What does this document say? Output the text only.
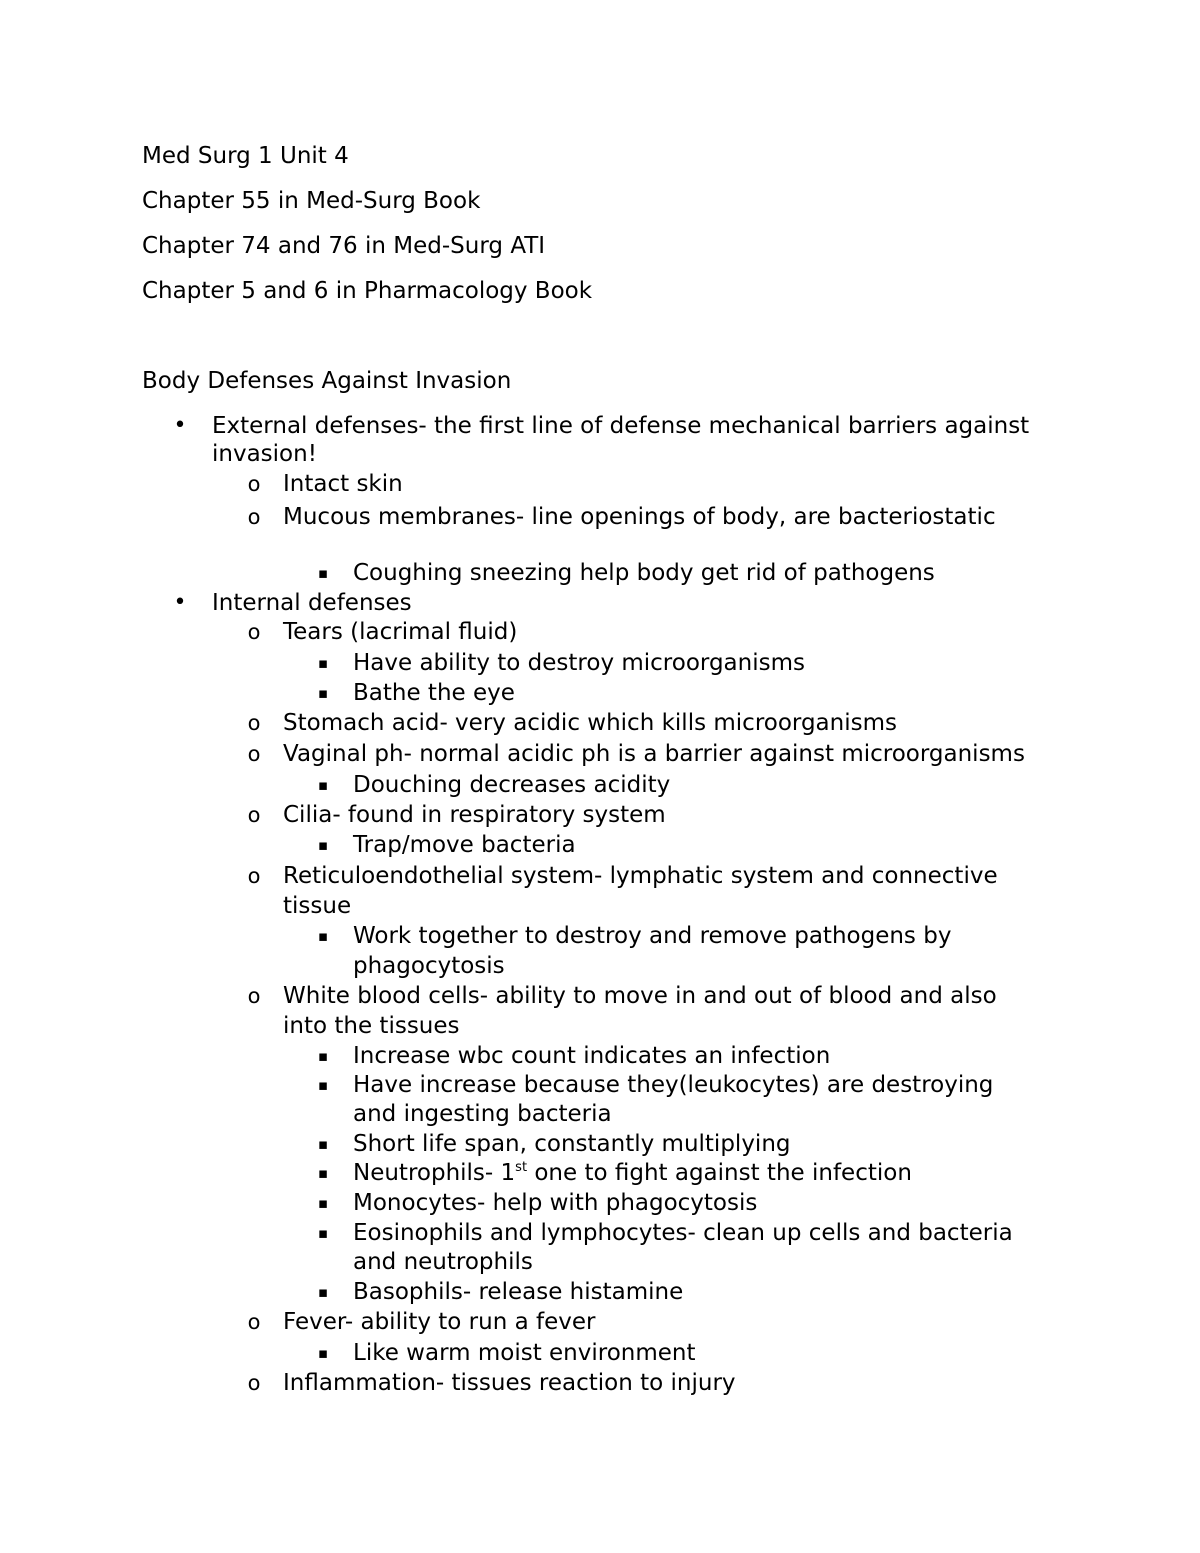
Med Surg 1 Unit 4
Chapter 55 in Med-Surg Book
Chapter 74 and 76 in Med-Surg ATI
Chapter 5 and 6 in Pharmacology Book
Body Defenses Against Invasion
• External defenses- the first line of defense mechanical barriers against
invasion!
o Intact skin
o Mucous membranes- line openings of body, are bacteriostatic
▪ Coughing sneezing help body get rid of pathogens
• Internal defenses
o Tears (lacrimal fluid)
▪ Have ability to destroy microorganisms
▪ Bathe the eye
o Stomach acid- very acidic which kills microorganisms
o Vaginal ph- normal acidic ph is a barrier against microorganisms
▪ Douching decreases acidity
o Cilia- found in respiratory system
▪ Trap/move bacteria
o Reticuloendothelial system- lymphatic system and connective
tissue
▪ Work together to destroy and remove pathogens by
phagocytosis
o White blood cells- ability to move in and out of blood and also
into the tissues
▪ Increase wbc count indicates an infection
▪ Have increase because they(leukocytes) are destroying
and ingesting bacteria
▪ Short life span, constantly multiplying
▪ Neutrophils- 1st one to fight against the infection
▪ Monocytes- help with phagocytosis
▪ Eosinophils and lymphocytes- clean up cells and bacteria
and neutrophils
▪ Basophils- release histamine
o Fever- ability to run a fever
▪ Like warm moist environment
o Inflammation- tissues reaction to injury
